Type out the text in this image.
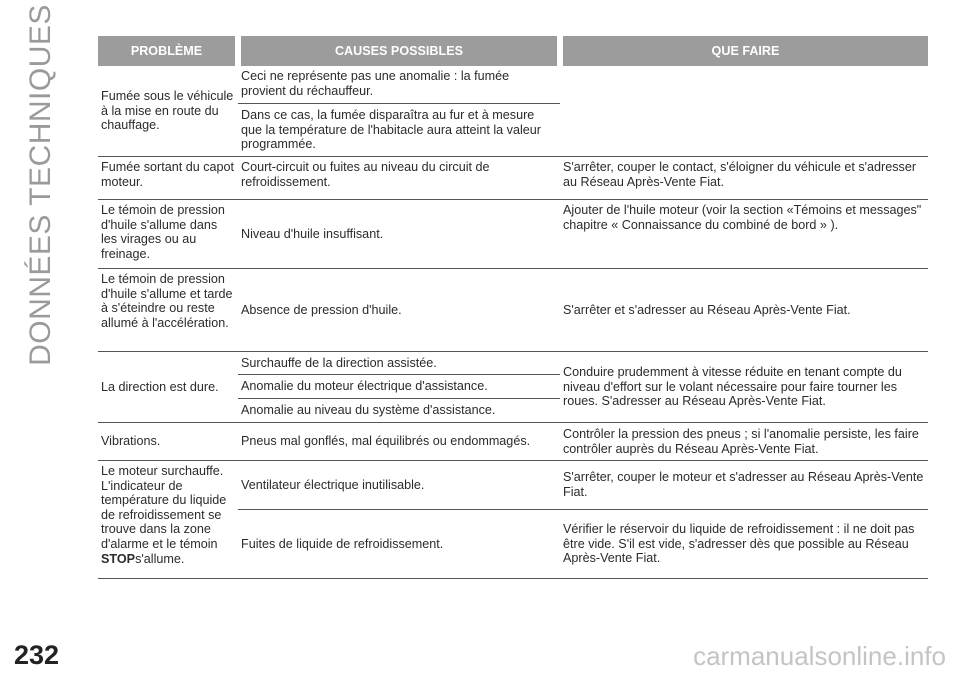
DONNÉES TECHNIQUES	PROBLÈME	CAUSES POSSIBLES	QUE FAIRE
Fumée sous le véhicule à la mise en route du chauffage.	Ceci ne représente pas une anomalie : la fumée provient du réchauffeur.	
	Dans ce cas, la fumée disparaîtra au fur et à mesure que la température de l'habitacle aura atteint la valeur programmée.	
Fumée sortant du capot moteur.	Court-circuit ou fuites au niveau du circuit de refroidissement.	S'arrêter, couper le contact, s'éloigner du véhicule et s'adresser au Réseau Après-Vente Fiat.
Le témoin de pression d'huile s'allume dans les virages ou au freinage.	Niveau d'huile insuffisant.	Ajouter de l'huile moteur (voir la section «Témoins et messages" chapitre « Connaissance du combiné de bord » ).
Le témoin de pression d'huile s'allume et tarde à s'éteindre ou reste allumé à l'accélération.	Absence de pression d'huile.	S'arrêter et s'adresser au Réseau Après-Vente Fiat.
La direction est dure.	Surchauffe de la direction assistée.	Conduire prudemment à vitesse réduite en tenant compte du niveau d'effort sur le volant nécessaire pour faire tourner les roues. S'adresser au Réseau Après-Vente Fiat.
	Anomalie du moteur électrique d'assistance.	
	Anomalie au niveau du système d'assistance.	
Vibrations.	Pneus mal gonflés, mal équilibrés ou endommagés.	Contrôler la pression des pneus ; si l'anomalie persiste, les faire contrôler auprès du Réseau Après-Vente Fiat.
Le moteur surchauffe. L'indicateur de température du liquide de refroidissement se trouve dans la zone d'alarme et le témoin STOPs'allume.	Ventilateur électrique inutilisable.	S'arrêter, couper le moteur et s'adresser au Réseau Après-Vente Fiat.
	Fuites de liquide de refroidissement.	Vérifier le réservoir du liquide de refroidissement : il ne doit pas être vide. S'il est vide, s'adresser dès que possible au Réseau Après-Vente Fiat.
232	carmanualsonline.info
